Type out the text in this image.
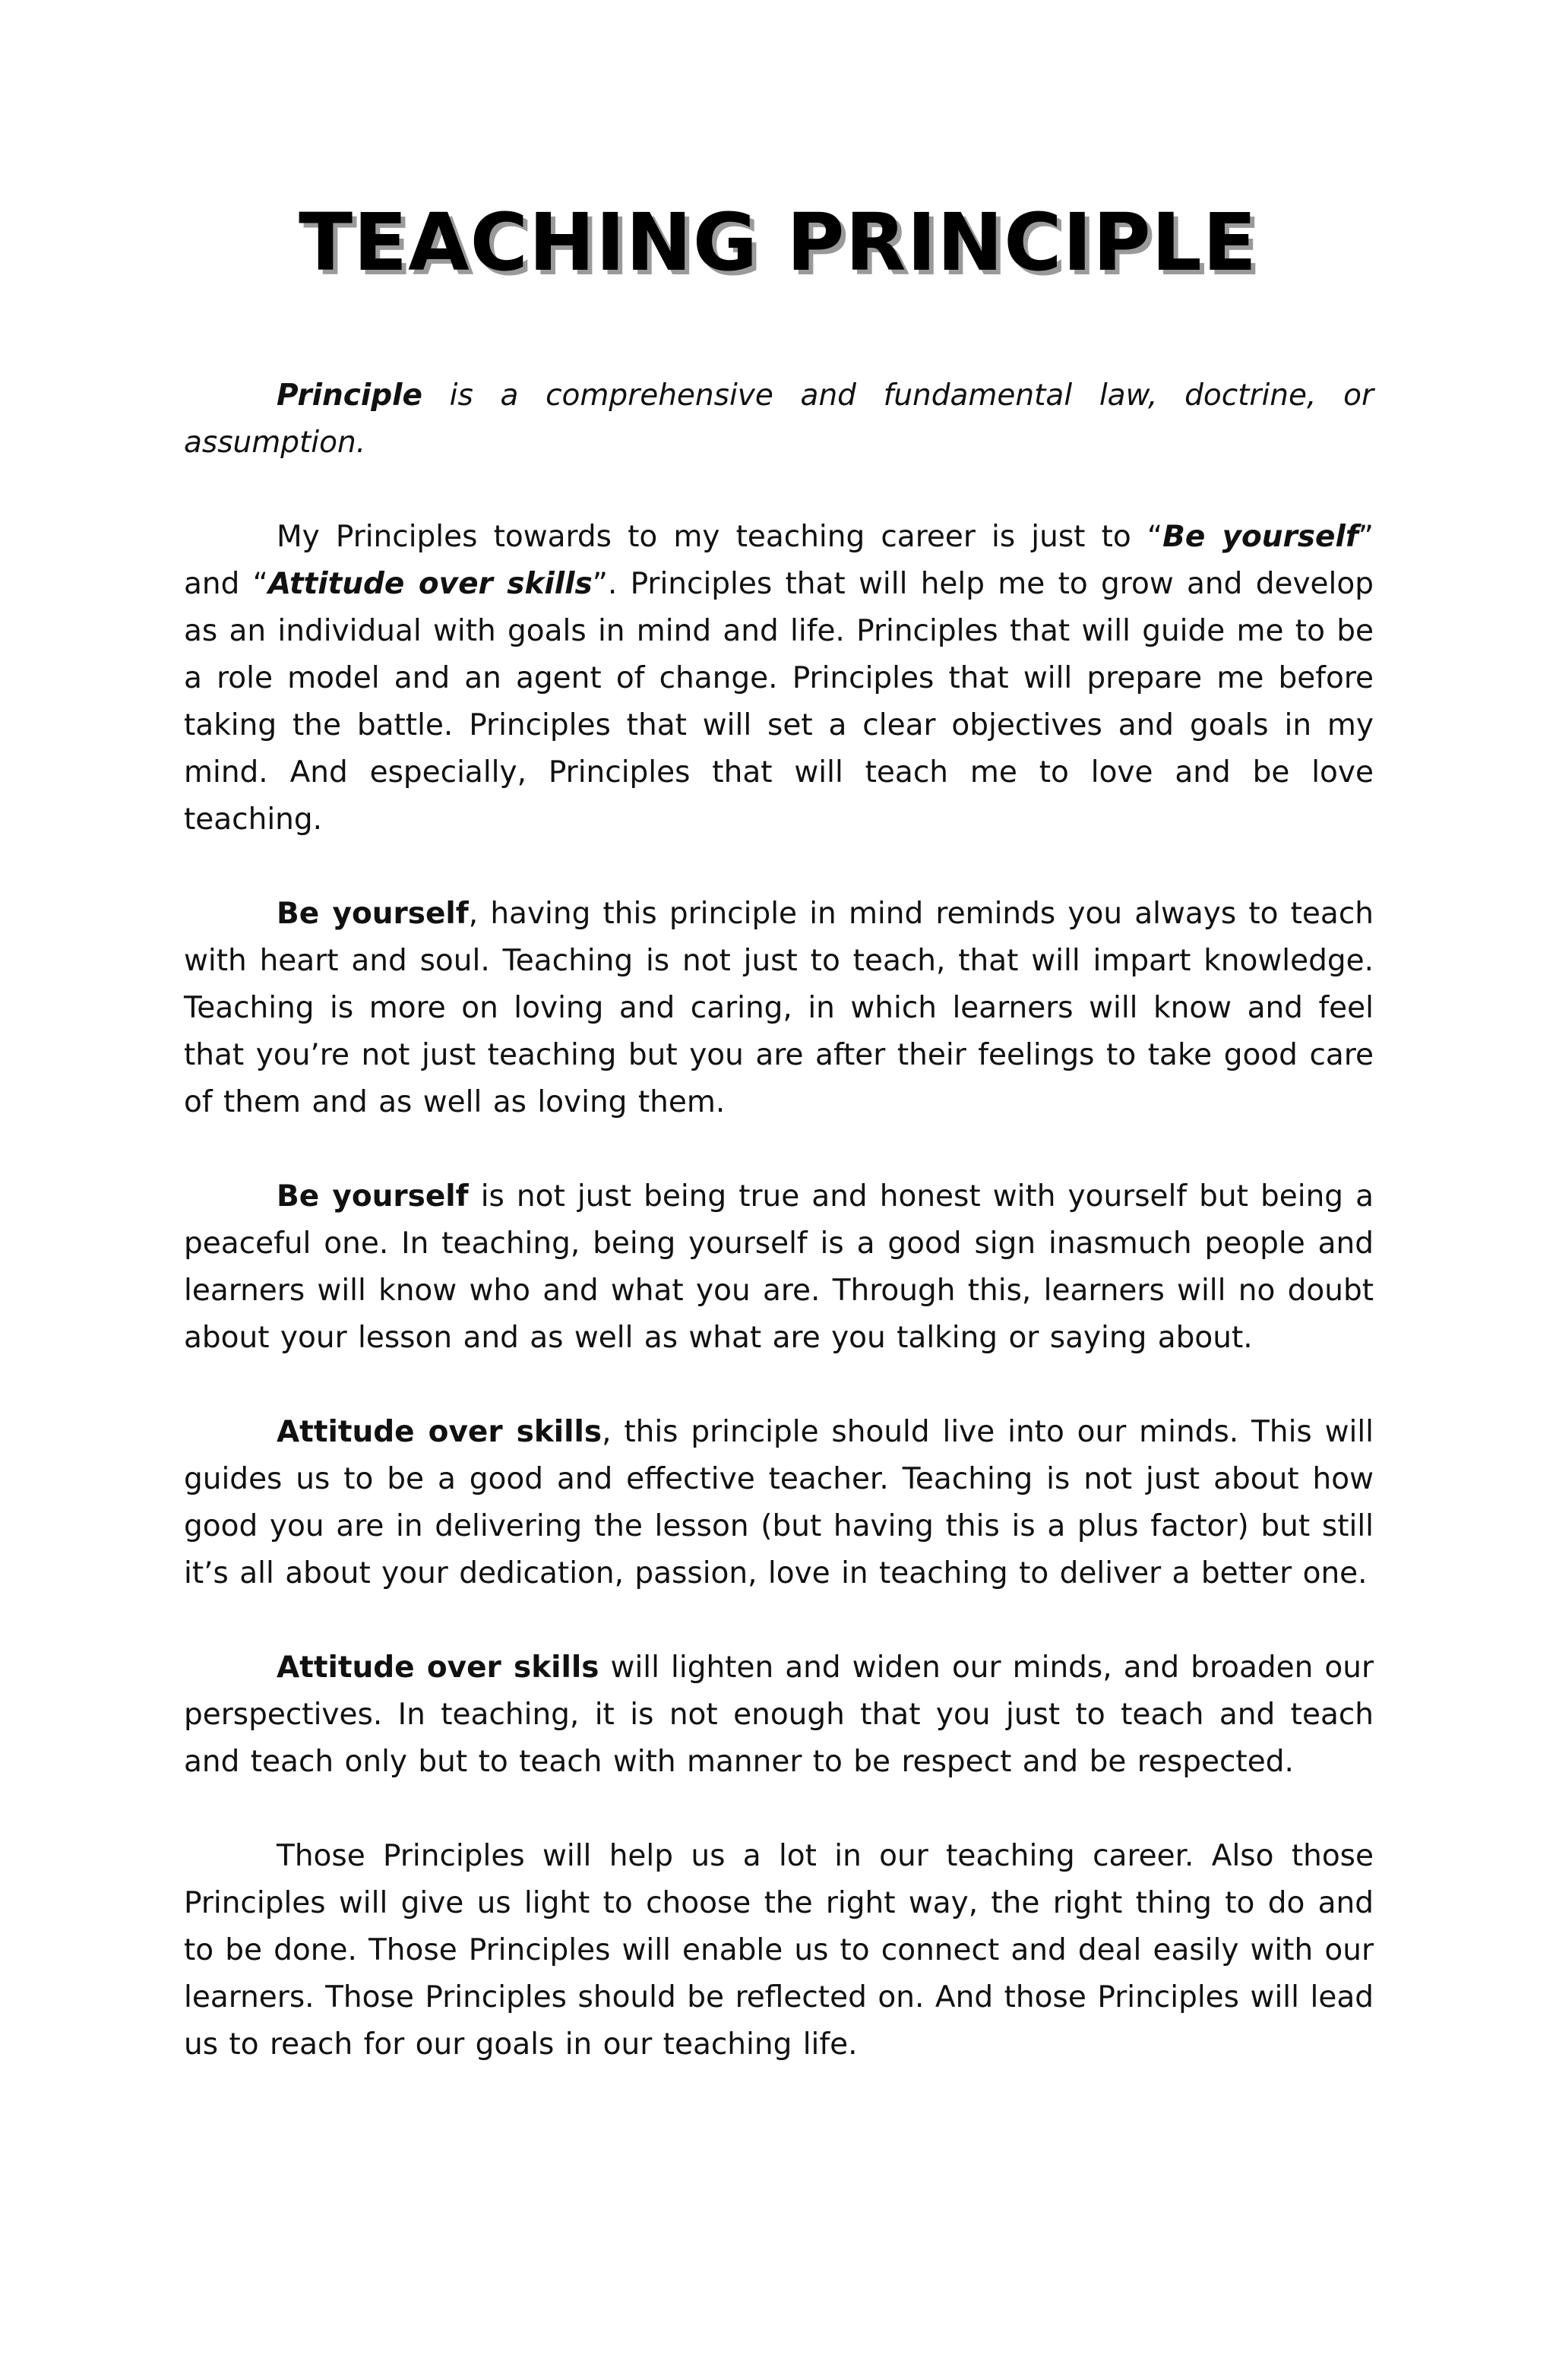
TEACHING PRINCIPLE

Principle is a comprehensive and fundamental law, doctrine, or assumption.

My Principles towards to my teaching career is just to “Be yourself” and “Attitude over skills”. Principles that will help me to grow and develop as an individual with goals in mind and life. Principles that will guide me to be a role model and an agent of change. Principles that will prepare me before taking the battle. Principles that will set a clear objectives and goals in my mind. And especially, Principles that will teach me to love and be love teaching.

Be yourself, having this principle in mind reminds you always to teach with heart and soul. Teaching is not just to teach, that will impart knowledge. Teaching is more on loving and caring, in which learners will know and feel that you’re not just teaching but you are after their feelings to take good care of them and as well as loving them.

Be yourself is not just being true and honest with yourself but being a peaceful one. In teaching, being yourself is a good sign inasmuch people and learners will know who and what you are. Through this, learners will no doubt about your lesson and as well as what are you talking or saying about.

Attitude over skills, this principle should live into our minds. This will guides us to be a good and effective teacher. Teaching is not just about how good you are in delivering the lesson (but having this is a plus factor) but still it’s all about your dedication, passion, love in teaching to deliver a better one.

Attitude over skills will lighten and widen our minds, and broaden our perspectives. In teaching, it is not enough that you just to teach and teach and teach only but to teach with manner to be respect and be respected.

Those Principles will help us a lot in our teaching career. Also those Principles will give us light to choose the right way, the right thing to do and to be done. Those Principles will enable us to connect and deal easily with our learners. Those Principles should be reflected on. And those Principles will lead us to reach for our goals in our teaching life.
